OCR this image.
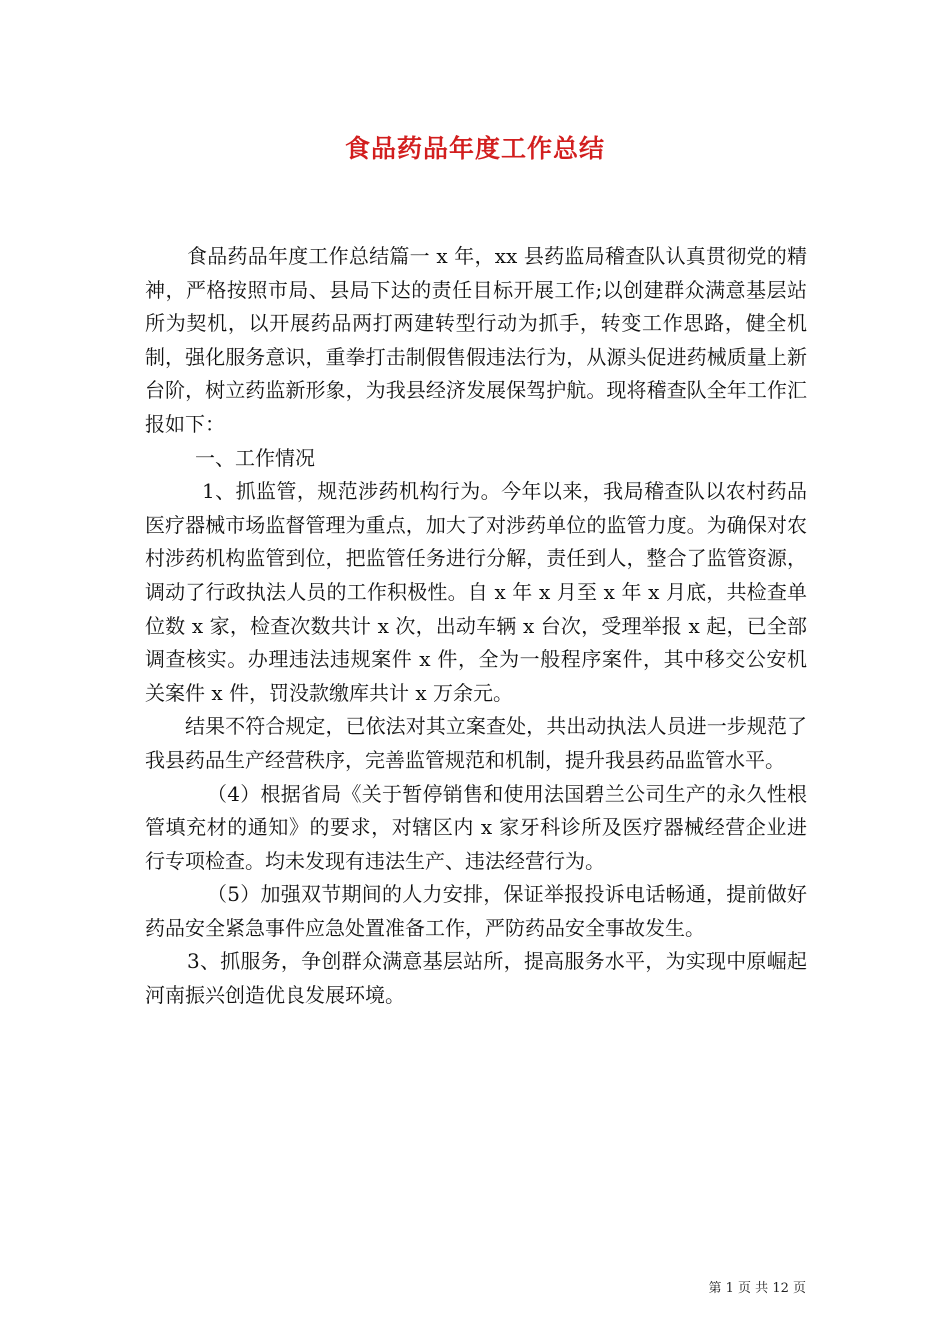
食品药品年度工作总结

食品药品年度工作总结篇一 x 年，xx 县药监局稽查队认真贯彻党的精神，严格按照市局、县局下达的责任目标开展工作;以创建群众满意基层站所为契机，以开展药品两打两建转型行动为抓手，转变工作思路，健全机制，强化服务意识，重拳打击制假售假违法行为，从源头促进药械质量上新台阶，树立药监新形象，为我县经济发展保驾护航。现将稽查队全年工作汇报如下：

一、工作情况

1、抓监管，规范涉药机构行为。今年以来，我局稽查队以农村药品医疗器械市场监督管理为重点，加大了对涉药单位的监管力度。为确保对农村涉药机构监管到位，把监管任务进行分解，责任到人，整合了监管资源，调动了行政执法人员的工作积极性。自 x 年 x 月至 x 年 x 月底，共检查单位数 x 家，检查次数共计 x 次，出动车辆 x 台次，受理举报 x 起，已全部调查核实。办理违法违规案件 x 件，全为一般程序案件，其中移交公安机关案件 x 件，罚没款缴库共计 x 万余元。

结果不符合规定，已依法对其立案查处，共出动执法人员进一步规范了我县药品生产经营秩序，完善监管规范和机制，提升我县药品监管水平。

（4）根据省局《关于暂停销售和使用法国碧兰公司生产的永久性根管填充材的通知》的要求，对辖区内 x 家牙科诊所及医疗器械经营企业进行专项检查。均未发现有违法生产、违法经营行为。

（5）加强双节期间的人力安排，保证举报投诉电话畅通，提前做好药品安全紧急事件应急处置准备工作，严防药品安全事故发生。

3、抓服务，争创群众满意基层站所，提高服务水平，为实现中原崛起河南振兴创造优良发展环境。

第 1 页 共 12 页
